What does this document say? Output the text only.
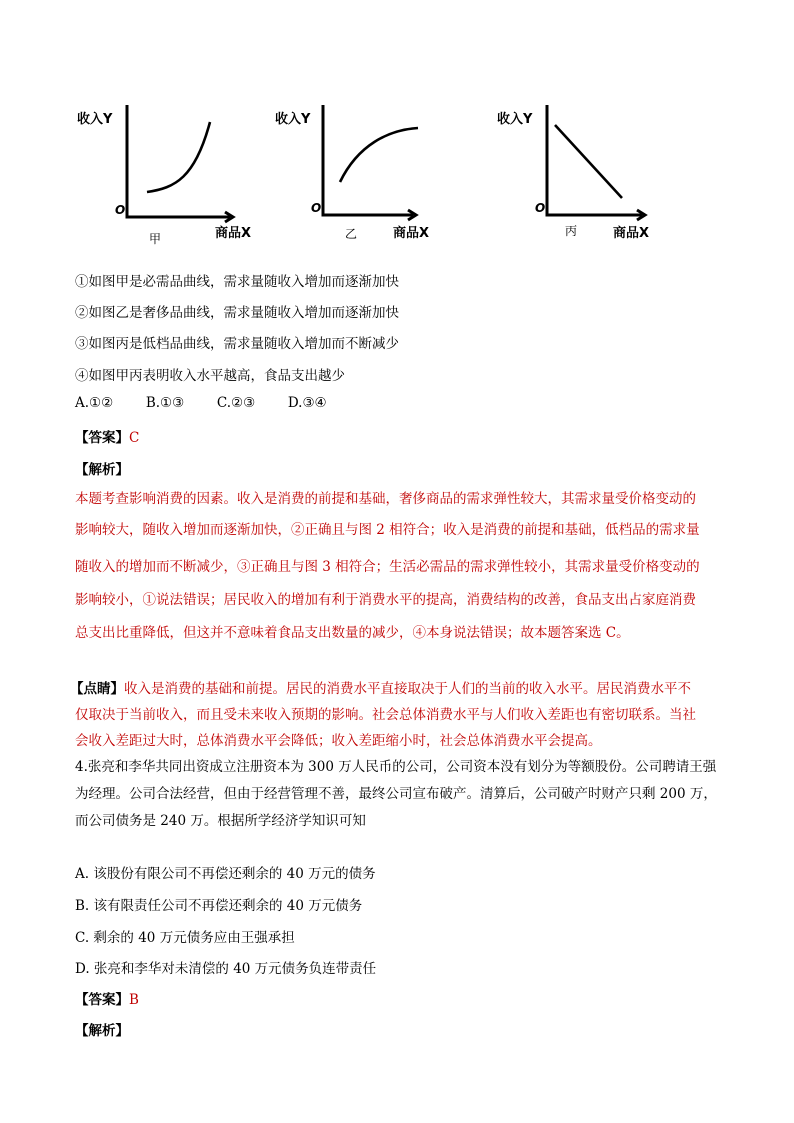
收入Y
O
商品X
甲
收入Y
O
商品X
乙
收入Y
O
商品X
丙
①如图甲是必需品曲线，需求量随收入增加而逐渐加快
②如图乙是奢侈品曲线，需求量随收入增加而逐渐加快
③如图丙是低档品曲线，需求量随收入增加而不断减少
④如图甲丙表明收入水平越高，食品支出越少
A.①② B.①③ C.②③ D.③④
【答案】C
【解析】
本题考查影响消费的因素。收入是消费的前提和基础，奢侈商品的需求弹性较大，其需求量受价格变动的
影响较大，随收入增加而逐渐加快，②正确且与图 2 相符合；收入是消费的前提和基础，低档品的需求量
随收入的增加而不断减少，③正确且与图 3 相符合；生活必需品的需求弹性较小，其需求量受价格变动的
影响较小，①说法错误；居民收入的增加有利于消费水平的提高，消费结构的改善，食品支出占家庭消费
总支出比重降低，但这并不意味着食品支出数量的减少，④本身说法错误；故本题答案选 C。
【点睛】收入是消费的基础和前提。居民的消费水平直接取决于人们的当前的收入水平。居民消费水平不
仅取决于当前收入，而且受未来收入预期的影响。社会总体消费水平与人们收入差距也有密切联系。当社
会收入差距过大时，总体消费水平会降低；收入差距缩小时，社会总体消费水平会提高。
4.张亮和李华共同出资成立注册资本为 300 万人民币的公司，公司资本没有划分为等额股份。公司聘请王强
为经理。公司合法经营，但由于经营管理不善，最终公司宣布破产。清算后，公司破产时财产只剩 200 万，
而公司债务是 240 万。根据所学经济学知识可知
A. 该股份有限公司不再偿还剩余的 40 万元的债务
B. 该有限责任公司不再偿还剩余的 40 万元债务
C. 剩余的 40 万元债务应由王强承担
D. 张亮和李华对未清偿的 40 万元债务负连带责任
【答案】B
【解析】
